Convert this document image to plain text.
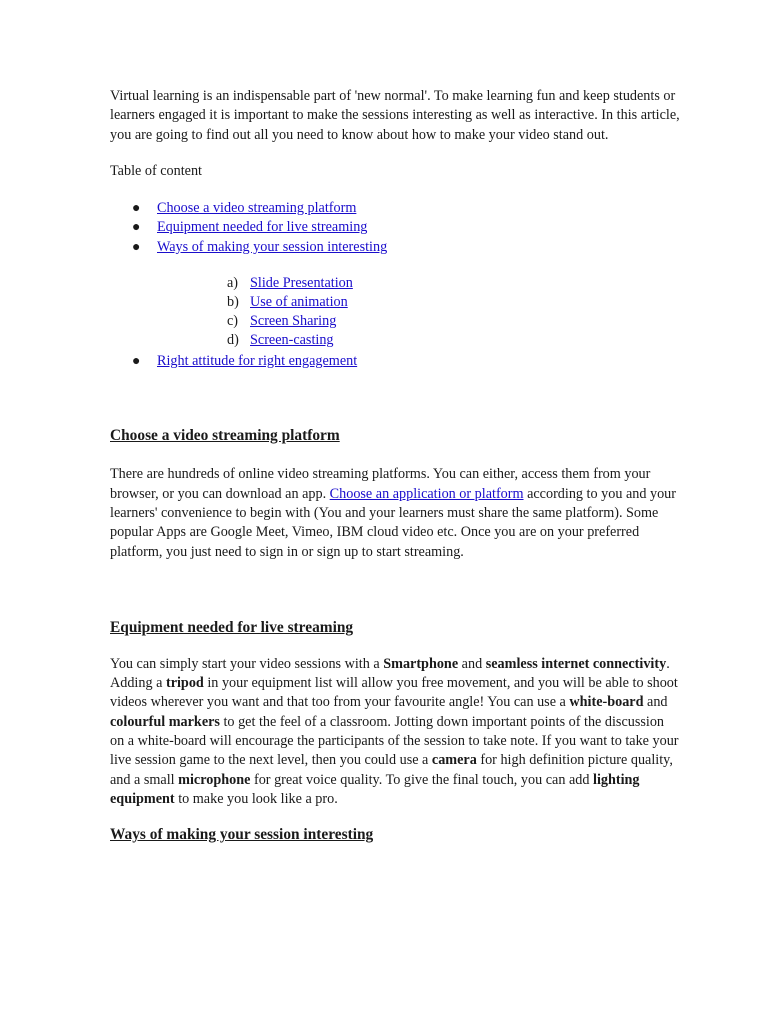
Virtual learning is an indispensable part of 'new normal'. To make learning fun and keep students or learners engaged it is important to make the sessions interesting as well as interactive. In this article, you are going to find out all you need to know about how to make your video stand out.

Table of content

● Choose a video streaming platform
● Equipment needed for live streaming
● Ways of making your session interesting
a) Slide Presentation
b) Use of animation
c) Screen Sharing
d) Screen-casting
● Right attitude for right engagement
Choose a video streaming platform

There are hundreds of online video streaming platforms. You can either, access them from your browser, or you can download an app. Choose an application or platform according to you and your learners' convenience to begin with (You and your learners must share the same platform). Some popular Apps are Google Meet, Vimeo, IBM cloud video etc. Once you are on your preferred platform, you just need to sign in or sign up to start streaming.

Equipment needed for live streaming

You can simply start your video sessions with a Smartphone and seamless internet connectivity. Adding a tripod in your equipment list will allow you free movement, and you will be able to shoot videos wherever you want and that too from your favourite angle! You can use a white-board and colourful markers to get the feel of a classroom. Jotting down important points of the discussion on a white-board will encourage the participants of the session to take note. If you want to take your live session game to the next level, then you could use a camera for high definition picture quality, and a small microphone for great voice quality. To give the final touch, you can add lighting equipment to make you look like a pro.

Ways of making your session interesting
